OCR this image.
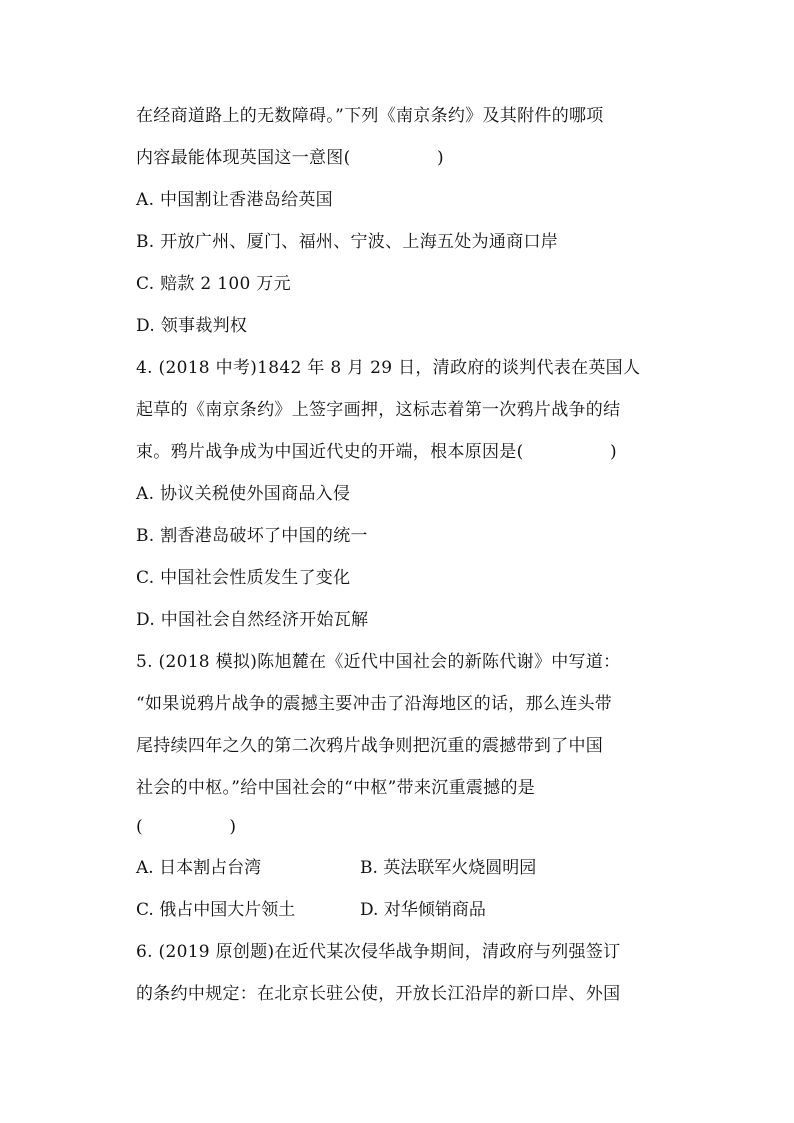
在经商道路上的无数障碍。”下列《南京条约》及其附件的哪项
内容最能体现英国这一意图(　　　　　)
A. 中国割让香港岛给英国
B. 开放广州、厦门、福州、宁波、上海五处为通商口岸
C. 赔款 2 100 万元
D. 领事裁判权
4. (2018 中考)1842 年 8 月 29 日，清政府的谈判代表在英国人
起草的《南京条约》上签字画押，这标志着第一次鸦片战争的结
束。鸦片战争成为中国近代史的开端，根本原因是(　　　　　)
A. 协议关税使外国商品入侵
B. 割香港岛破坏了中国的统一
C. 中国社会性质发生了变化
D. 中国社会自然经济开始瓦解
5. (2018 模拟)陈旭麓在《近代中国社会的新陈代谢》中写道：
“如果说鸦片战争的震撼主要冲击了沿海地区的话，那么连头带
尾持续四年之久的第二次鸦片战争则把沉重的震撼带到了中国
社会的中枢。”给中国社会的“中枢”带来沉重震撼的是
(　　　　　)
A. 日本割占台湾	B. 英法联军火烧圆明园
C. 俄占中国大片领土	D. 对华倾销商品
6. (2019 原创题)在近代某次侵华战争期间，清政府与列强签订
的条约中规定：在北京长驻公使，开放长江沿岸的新口岸、外国
